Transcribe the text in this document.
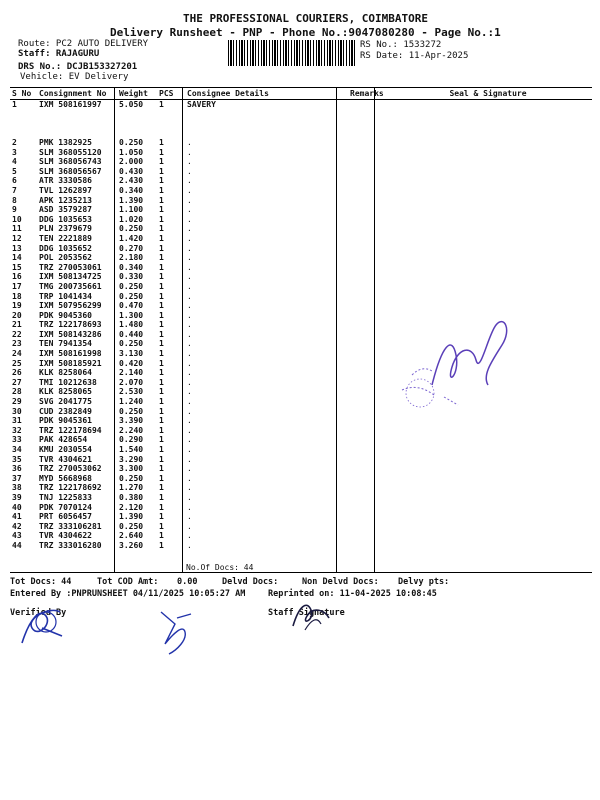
THE PROFESSIONAL COURIERS, COIMBATORE
Delivery Runsheet - PNP - Phone No.:9047080280 - Page No.:1
Route: PC2 AUTO DELIVERY
Staff: RAJAGURU
DRS No.: DCJB153327201
Vehicle: EV Delivery
RS No.: 1533272
RS Date: 11-Apr-2025
S No	Consignment No	Weight	PCS	Consignee Details	Remarks	Seal & Signature
1	IXM 508161997	5.050	1	SAVERY		
2	PMK 1382925	0.250	1	.		
3	SLM 368055120	1.050	1	.		
4	SLM 368056743	2.000	1	.		
5	SLM 368056567	0.430	1	.		
6	ATR 3330586	2.430	1	.		
7	TVL 1262897	0.340	1	.		
8	APK 1235213	1.390	1	.		
9	ASD 3579287	1.100	1	.		
10	DDG 1035653	1.020	1	.		
11	PLN 2379679	0.250	1	.		
12	TEN 2221889	1.420	1	.		
13	DDG 1035652	0.270	1	.		
14	POL 2053562	2.180	1	.		
15	TRZ 270053061	0.340	1	.		
16	IXM 508134725	0.330	1	.		
17	TMG 200735661	0.250	1	.		
18	TRP 1041434	0.250	1	.		
19	IXM 507956299	0.470	1	.		
20	PDK 9045360	1.300	1	.		
21	TRZ 122178693	1.480	1	.		
22	IXM 508143286	0.440	1	.		
23	TEN 7941354	0.250	1	.		
24	IXM 508161998	3.130	1	.		
25	IXM 508185921	0.420	1	.		
26	KLK 8258064	2.140	1	.		
27	TMI 10212638	2.070	1	.		
28	KLK 8258065	2.530	1	.		
29	SVG 2041775	1.240	1	.		
30	CUD 2382849	0.250	1	.		
31	PDK 9045361	3.390	1	.		
32	TRZ 122178694	2.240	1	.		
33	PAK 428654	0.290	1	.		
34	KMU 2030554	1.540	1	.		
35	TVR 4304621	3.290	1	.		
36	TRZ 270053062	3.300	1	.		
37	MYD 5668968	0.250	1	.		
38	TRZ 122178692	1.270	1	.		
39	TNJ 1225833	0.380	1	.		
40	PDK 7070124	2.120	1	.		
41	PRT 6056457	1.390	1	.		
42	TRZ 333106281	0.250	1	.		
43	TVR 4304622	2.640	1	.		
44	TRZ 333016280	3.260	1	.		
No.Of Docs: 44
Tot Docs: 44	Tot COD Amt: 0.00	Delvd Docs:	Non Delvd Docs: Delvy pts:
Entered By :PNPRUNSHEET 04/11/2025 10:05:27 AM	Reprinted on: 11-04-2025 10:08:45
Verified By	Staff Signature
